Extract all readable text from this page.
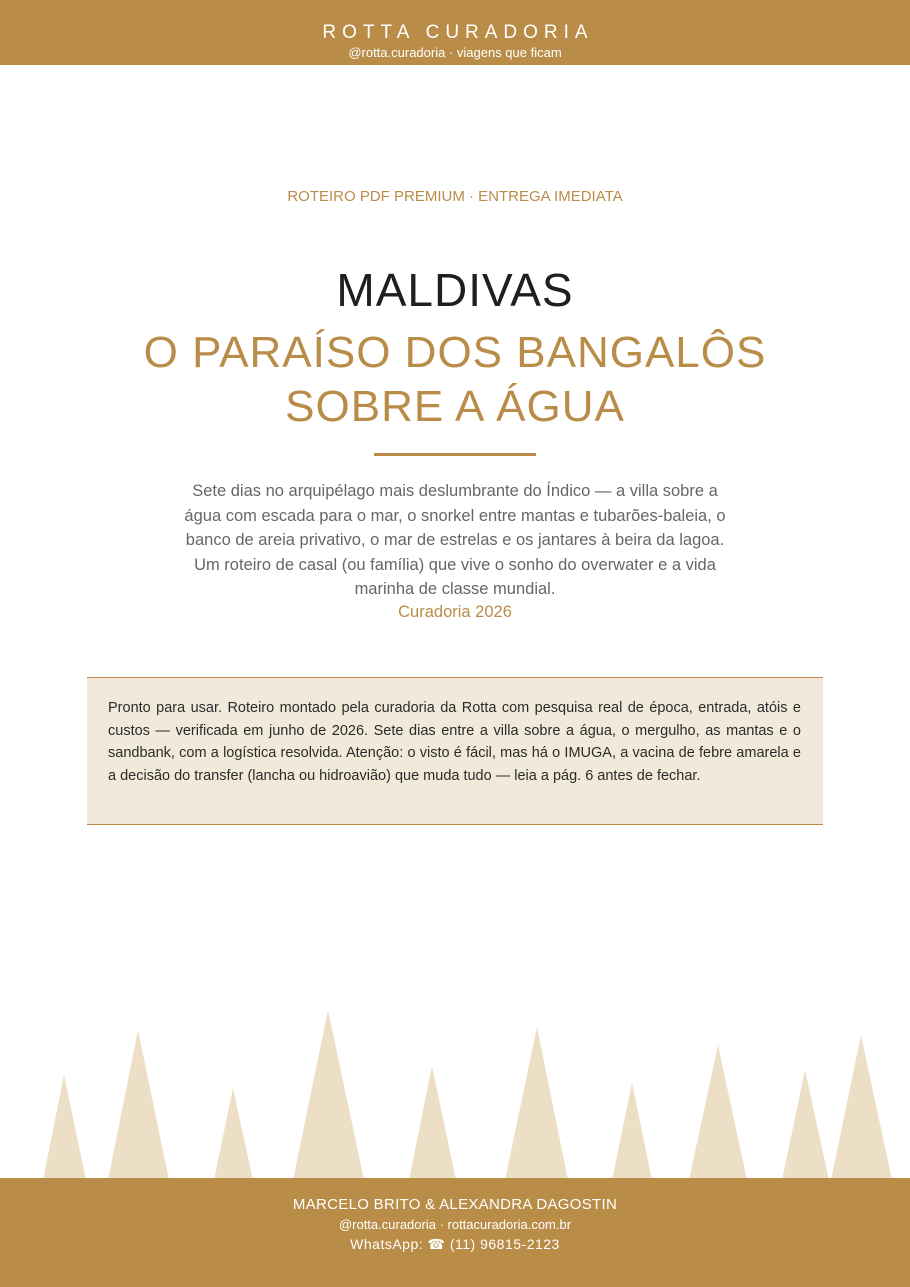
ROTTA CURADORIA
@rotta.curadoria · viagens que ficam
ROTEIRO PDF PREMIUM · ENTREGA IMEDIATA
MALDIVAS
O PARAÍSO DOS BANGALÔS SOBRE A ÁGUA
Sete dias no arquipélago mais deslumbrante do Índico — a villa sobre a água com escada para o mar, o snorkel entre mantas e tubarões-baleia, o banco de areia privativo, o mar de estrelas e os jantares à beira da lagoa. Um roteiro de casal (ou família) que vive o sonho do overwater e a vida marinha de classe mundial.
Curadoria 2026

Pronto para usar. Roteiro montado pela curadoria da Rotta com pesquisa real de época, entrada, atóis e custos — verificada em junho de 2026. Sete dias entre a villa sobre a água, o mergulho, as mantas e o sandbank, com a logística resolvida. Atenção: o visto é fácil, mas há o IMUGA, a vacina de febre amarela e a decisão do transfer (lancha ou hidroavião) que muda tudo — leia a pág. 6 antes de fechar.

MARCELO BRITO & ALEXANDRA DAGOSTIN
@rotta.curadoria · rottacuradoria.com.br
WhatsApp: ☎ (11) 96815-2123
